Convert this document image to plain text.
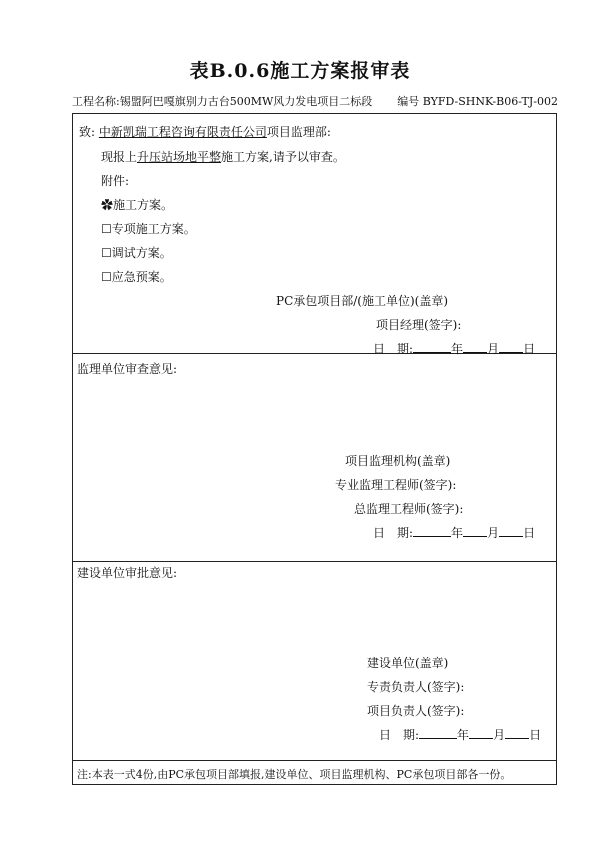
表B.0.6施工方案报审表
工程名称:锡盟阿巴嘎旗别力古台500MW风力发电项目二标段 编号 BYFD-SHNK-B06-TJ-002
致: 中新凯瑞工程咨询有限责任公司项目监理部:
现报上升压站场地平整施工方案,请予以审查。
附件:
✿施工方案。
☐专项施工方案。
☐调试方案。
☐应急预案。
PC承包项目部/(施工单位)(盖章)
项目经理(签字):
日　期:	年 月 日
监理单位审查意见:
项目监理机构(盖章)
专业监理工程师(签字):
总监理工程师(签字):
日　期:	年 月 日
建设单位审批意见:
建设单位(盖章)
专责负责人(签字):
项目负责人(签字):
日　期:	年 月 日
注:本表一式4份,由PC承包项目部填报,建设单位、项目监理机构、PC承包项目部各一份。
